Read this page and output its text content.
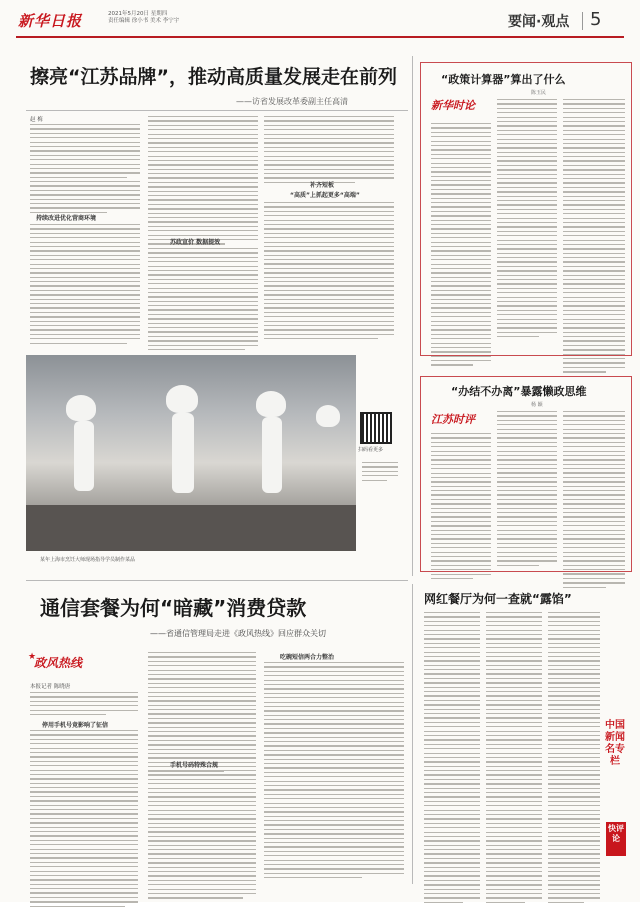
新华日报	2021年5月20日 星期四
责任编辑 徐小书 美术 李宁宇	要闻·观点 5
擦亮“江苏品牌”，推动高质量发展走在前列
——访省发展改革委副主任高清
赵 梅
持续改进优化营商环境
苏政宣价 数据提效
补齐短板
“高质”上抓起更多“高端”
某年上海市烹饪大师现场指导学员制作菜品
扫码看更多
“政策计算器”算出了什么
陈玉民
新华时论
“办结不办离”暴露懒政思维
杨 颖
江苏时评
网红餐厅为何一查就“露馅”
中国新闻名专栏
快评论
通信套餐为何“暗藏”消费贷款
——省通信管理局走进《政风热线》回应群众关切
★
政风热线
本报记者 陈晓唐
停用手机号竟影响了征信
手机号码特殊合规
吃碗短信两合力整治
